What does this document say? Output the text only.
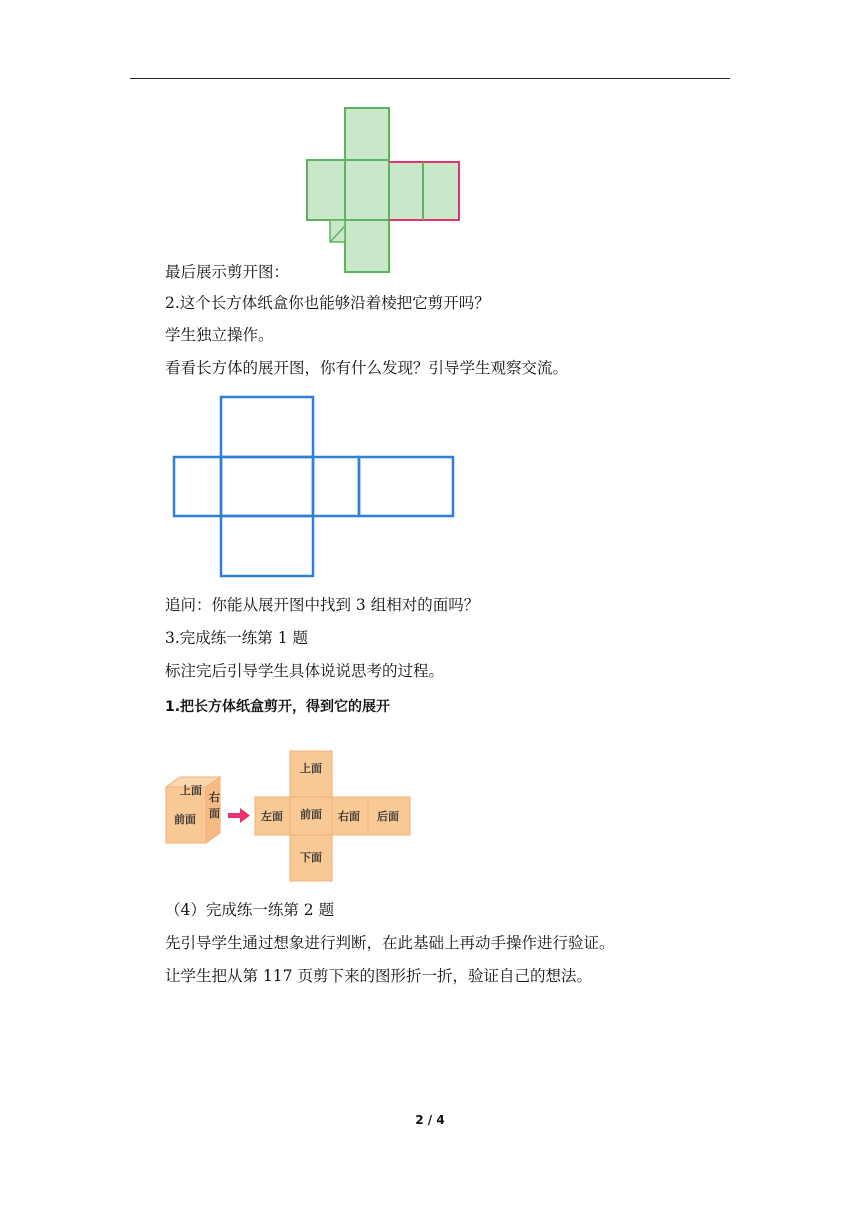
最后展示剪开图：
2.这个长方体纸盒你也能够沿着棱把它剪开吗？
学生独立操作。
看看长方体的展开图，你有什么发现？引导学生观察交流。
追问：你能从展开图中找到 3 组相对的面吗？
3.完成练一练第 1 题
标注完后引导学生具体说说思考的过程。
1.把长方体纸盒剪开，得到它的展开
上面
前面
右
面
上面
左面 前面 右面 后面
下面
（4）完成练一练第 2 题
先引导学生通过想象进行判断，在此基础上再动手操作进行验证。
让学生把从第 117 页剪下来的图形折一折，验证自己的想法。
2 / 4
